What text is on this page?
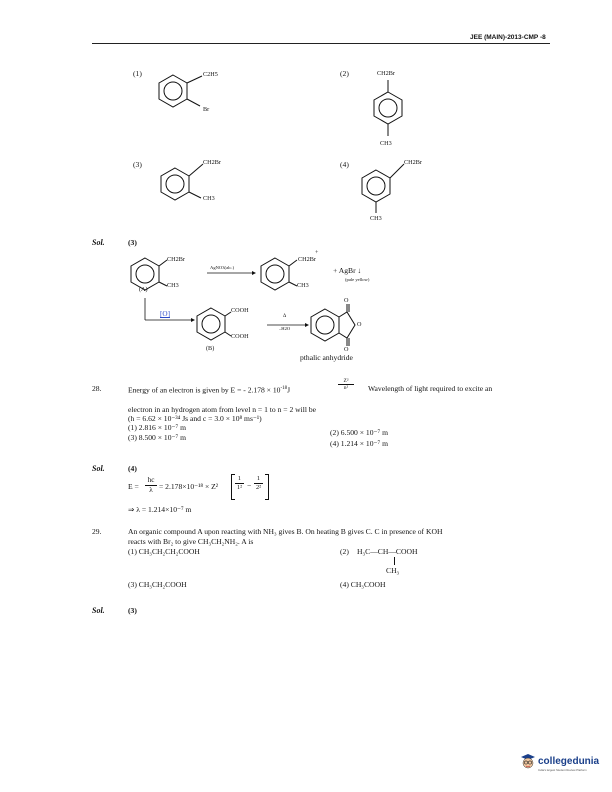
JEE (MAIN)-2013-CMP -8
(1)	C2H5
Br
(2)	CH2Br
CH3
(3)	CH2Br
CH3
(4)	CH2Br
CH3
Sol.	(3)
CH2Br
CH3
(A)
AgNO3(alc.)
CH2Br
+
CH3
+ AgBr ↓
(pale yellow)
[O]	COOH
COOH
(B)
Δ
–H2O
O
O
O
pthalic anhydride
28.	Energy of an electron is given by E = - $2.178 \times 10^{-18}J$
Z²
n²	Wavelength of light required to excite an
electron in an hydrogen atom from level n = 1 to n = 2 will be
(h = 6.62 × 10⁻³⁴ Js and c = 3.0 × 10⁸ ms⁻¹)
(1) 2.816 × 10⁻⁷ m
(2) 6.500 × 10⁻⁷ m
(3) 8.500 × 10⁻⁷ m
(4) 1.214 × 10⁻⁷ m
Sol.	(4)
E =
hc
λ = 2.178×10⁻¹⁸ × Z²
1
1² −
1
2²
⇒ λ = 1.214×10⁻⁷ m
29.	An organic compound A upon reacting with NH₃ gives B. On heating B gives C. C in presence of KOH
reacts with Br₂ to give CH₃CH₂NH₂. A is
(1) CH₃CH₂CH₂COOH	(2) H₃C—CH—COOH
CH₃
(3) CH₃CH₂COOH	(4) CH₃COOH
Sol.	(3)
collegedunia
India's largest Student Review Platform
